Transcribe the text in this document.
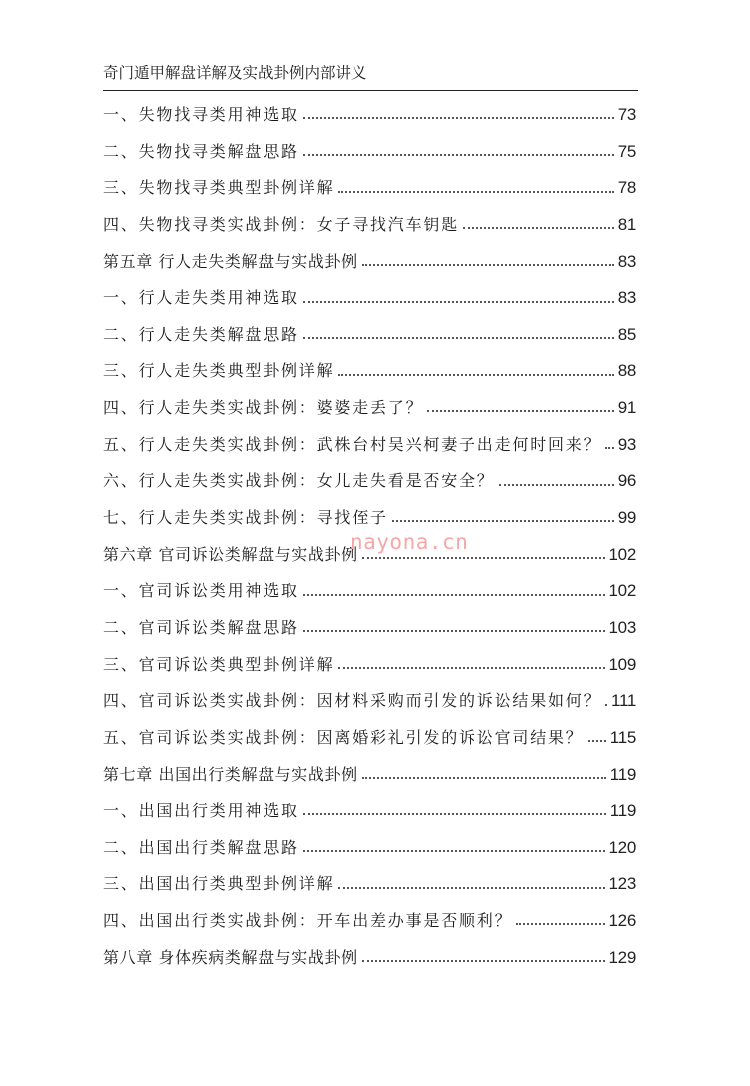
奇门遁甲解盘详解及实战卦例内部讲义
一、失物找寻类用神选取	73
二、失物找寻类解盘思路	75
三、失物找寻类典型卦例详解	78
四、失物找寻类实战卦例：女子寻找汽车钥匙	81
第五章 行人走失类解盘与实战卦例	83
一、行人走失类用神选取	83
二、行人走失类解盘思路	85
三、行人走失类典型卦例详解	88
四、行人走失类实战卦例：婆婆走丢了？	91
五、行人走失类实战卦例：武株台村吴兴柯妻子出走何时回来？ 93
六、行人走失类实战卦例：女儿走失看是否安全？	96
七、行人走失类实战卦例：寻找侄子	99
第六章 官司诉讼类解盘与实战卦例	102
一、官司诉讼类用神选取	102
二、官司诉讼类解盘思路	103
三、官司诉讼类典型卦例详解	109
四、官司诉讼类实战卦例：因材料采购而引发的诉讼结果如何？ 111
五、官司诉讼类实战卦例：因离婚彩礼引发的诉讼官司结果？ 115
第七章 出国出行类解盘与实战卦例	119
一、出国出行类用神选取	119
二、出国出行类解盘思路	120
三、出国出行类典型卦例详解	123
四、出国出行类实战卦例：开车出差办事是否顺利？	126
第八章 身体疾病类解盘与实战卦例	129
nayona.cn
